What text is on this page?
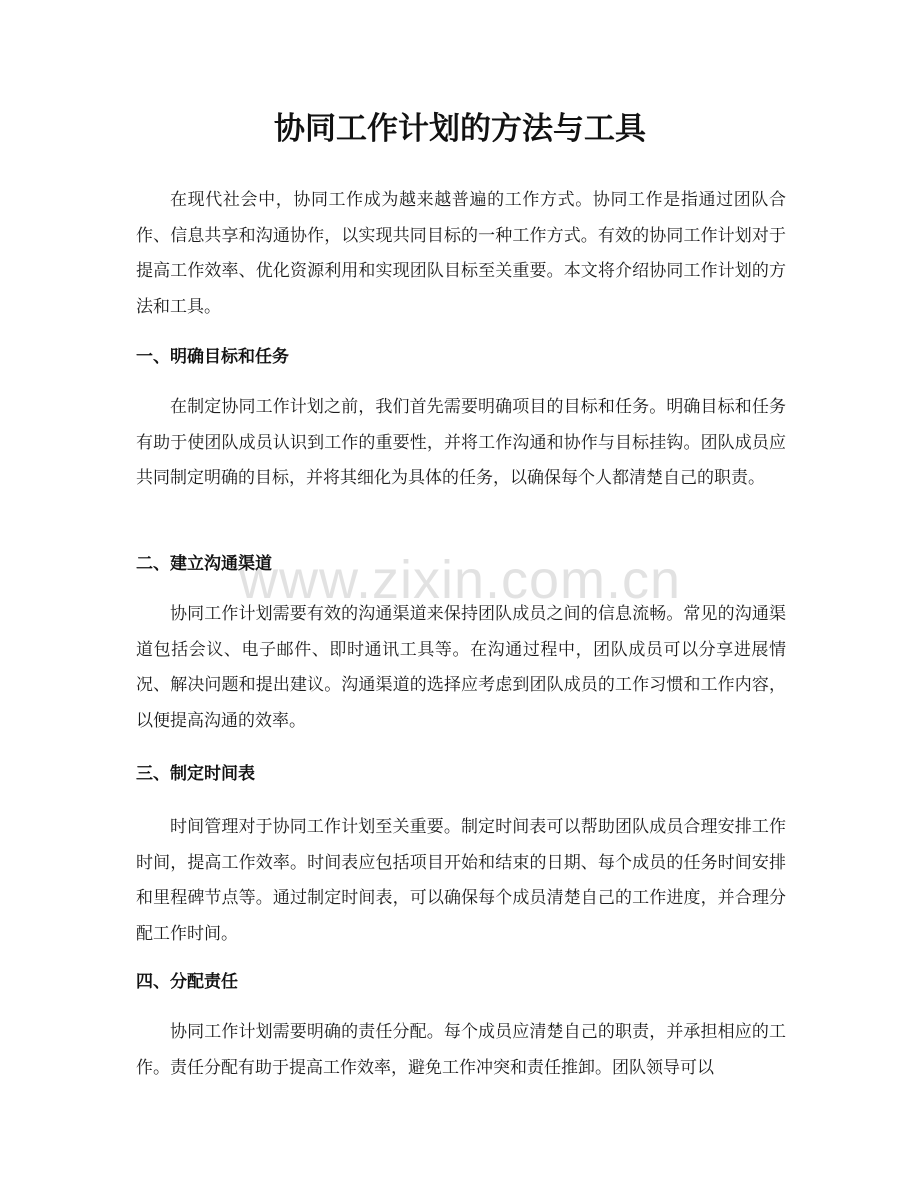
协同工作计划的方法与工具

在现代社会中，协同工作成为越来越普遍的工作方式。协同工作是指通过团队合作、信息共享和沟通协作，以实现共同目标的一种工作方式。有效的协同工作计划对于提高工作效率、优化资源利用和实现团队目标至关重要。本文将介绍协同工作计划的方法和工具。

一、明确目标和任务

在制定协同工作计划之前，我们首先需要明确项目的目标和任务。明确目标和任务有助于使团队成员认识到工作的重要性，并将工作沟通和协作与目标挂钩。团队成员应共同制定明确的目标，并将其细化为具体的任务，以确保每个人都清楚自己的职责。

二、建立沟通渠道

协同工作计划需要有效的沟通渠道来保持团队成员之间的信息流畅。常见的沟通渠道包括会议、电子邮件、即时通讯工具等。在沟通过程中，团队成员可以分享进展情况、解决问题和提出建议。沟通渠道的选择应考虑到团队成员的工作习惯和工作内容，以便提高沟通的效率。

三、制定时间表

时间管理对于协同工作计划至关重要。制定时间表可以帮助团队成员合理安排工作时间，提高工作效率。时间表应包括项目开始和结束的日期、每个成员的任务时间安排和里程碑节点等。通过制定时间表，可以确保每个成员清楚自己的工作进度，并合理分配工作时间。

四、分配责任

协同工作计划需要明确的责任分配。每个成员应清楚自己的职责，并承担相应的工作。责任分配有助于提高工作效率，避免工作冲突和责任推卸。团队领导可以

www.zixin.com.cn
